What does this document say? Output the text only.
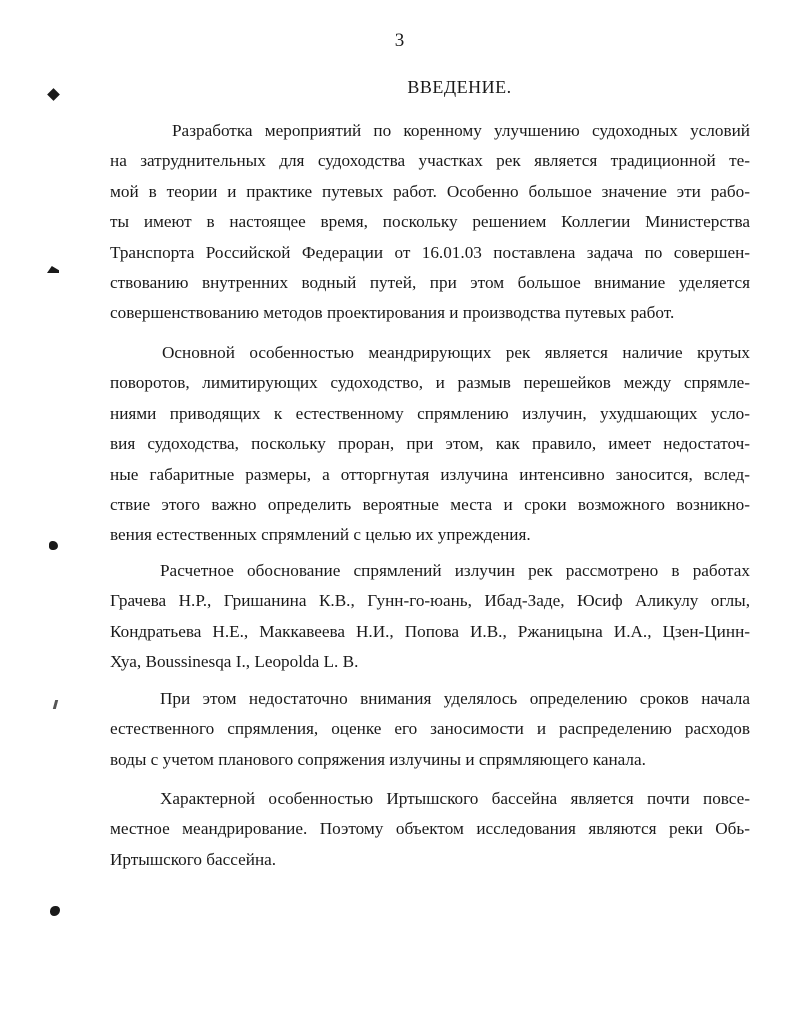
3
ВВЕДЕНИЕ.
Разработка мероприятий по коренному улучшению судоходных условий
на затруднительных для судоходства участках рек является традиционной те-
мой в теории и практике путевых работ. Особенно большое значение эти рабо-
ты имеют в настоящее время, поскольку решением Коллегии Министерства
Транспорта Российской Федерации от 16.01.03 поставлена задача по совершен-
ствованию внутренних водный путей, при этом большое внимание уделяется
совершенствованию методов проектирования и производства путевых работ.
Основной особенностью меандрирующих рек является наличие крутых
поворотов, лимитирующих судоходство, и размыв перешейков между спрямле-
ниями приводящих к естественному спрямлению излучин, ухудшающих усло-
вия судоходства, поскольку проран, при этом, как правило, имеет недостаточ-
ные габаритные размеры, а отторгнутая излучина интенсивно заносится, вслед-
ствие этого важно определить вероятные места и сроки возможного возникно-
вения естественных спрямлений с целью их упреждения.
Расчетное обоснование спрямлений излучин рек рассмотрено в работах
Грачева Н.Р., Гришанина К.В., Гунн-го-юань, Ибад-Заде, Юсиф Аликулу оглы,
Кондратьева Н.Е., Маккавеева Н.И., Попова И.В., Ржаницына И.А., Цзен-Цинн-
Хуа, Boussinesqa I., Leopolda L. B.
При этом недостаточно внимания уделялось определению сроков начала
естественного спрямления, оценке его заносимости и распределению расходов
воды с учетом планового сопряжения излучины и спрямляющего канала.
Характерной особенностью Иртышского бассейна является почти повсе-
местное меандрирование. Поэтому объектом исследования являются реки Обь-
Иртышского бассейна.
